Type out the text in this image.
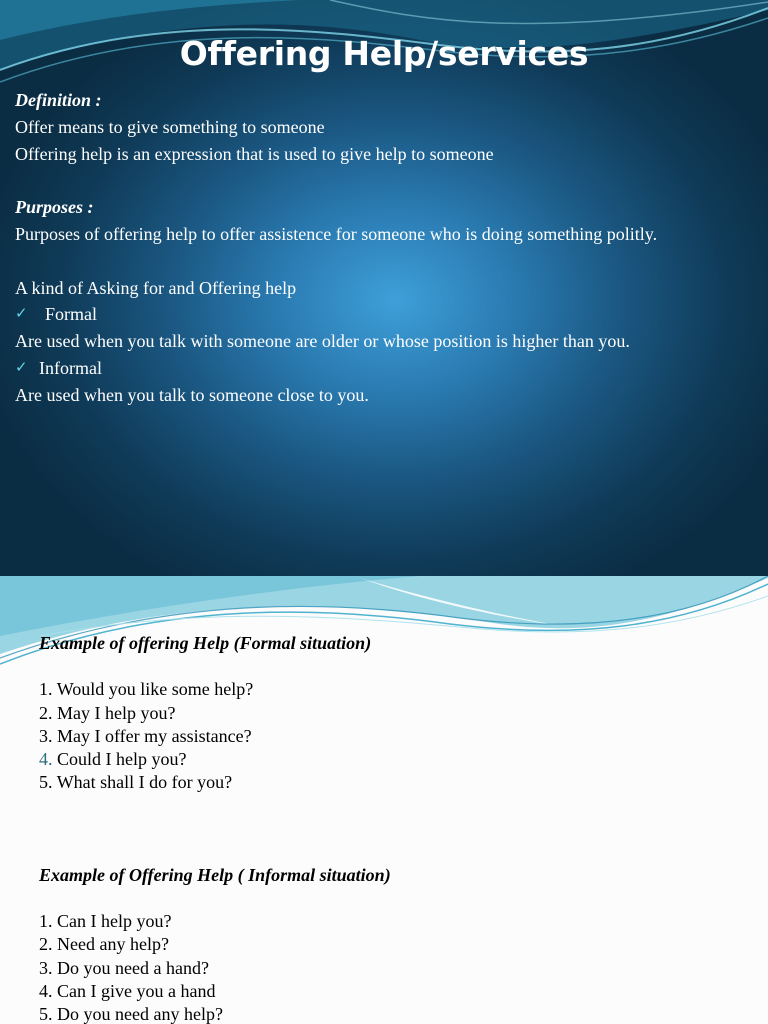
Offering Help/services
Definition :
Offer means to give something to someone
Offering help is an expression that is used to give help to someone
Purposes :
Purposes of offering help to offer assistence for someone who is doing something politly.
A kind of Asking for and Offering help
✓ Formal
Are used when you talk with someone are older or whose position is higher than you.
✓ Informal
Are used when you talk to someone close to you.
Example of offering Help (Formal situation)
1. Would you like some help?
2. May I help you?
3. May I offer my assistance?
4. Could I help you?
5. What shall I do for you?
Example of Offering Help ( Informal situation)
1. Can I help you?
2. Need any help?
3. Do you need a hand?
4. Can I give you a hand
5. Do you need any help?
